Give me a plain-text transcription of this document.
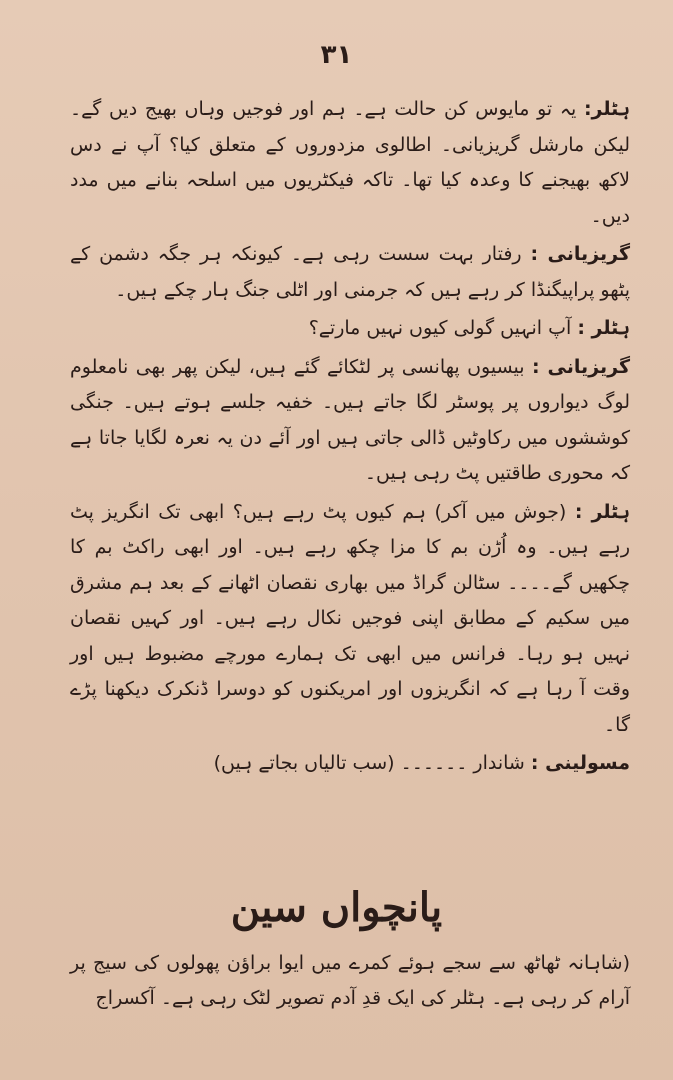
۳۱

ہٹلر: یہ تو مایوس کن حالت ہے۔ ہم اور فوجیں وہاں بھیج دیں گے۔ لیکن مارشل گریزیانی۔ اطالوی مزدوروں کے متعلق کیا؟ آپ نے دس لاکھ بھیجنے کا وعدہ کیا تھا۔ تاکہ فیکٹریوں میں اسلحہ بنانے میں مدد دیں۔

گریزیانی : رفتار بہت سست رہی ہے۔ کیونکہ ہر جگہ دشمن کے پٹھو پراپیگنڈا کر رہے ہیں کہ جرمنی اور اٹلی جنگ ہار چکے ہیں۔

ہٹلر : آپ انہیں گولی کیوں نہیں مارتے؟

گریزیانی : بیسیوں پھانسی پر لٹکائے گئے ہیں، لیکن پھر بھی نامعلوم لوگ دیواروں پر پوسٹر لگا جاتے ہیں۔ خفیہ جلسے ہوتے ہیں۔ جنگی کوششوں میں رکاوٹیں ڈالی جاتی ہیں اور آئے دن یہ نعرہ لگایا جاتا ہے کہ محوری طاقتیں پٹ رہی ہیں۔

ہٹلر : (جوش میں آکر) ہم کیوں پٹ رہے ہیں؟ ابھی تک انگریز پٹ رہے ہیں۔ وہ اُڑن بم کا مزا چکھ رہے ہیں۔ اور ابھی راکٹ بم کا چکھیں گے۔۔۔۔ سٹالن گراڈ میں بھاری نقصان اٹھانے کے بعد ہم مشرق میں سکیم کے مطابق اپنی فوجیں نکال رہے ہیں۔ اور کہیں نقصان نہیں ہو رہا۔ فرانس میں ابھی تک ہمارے مورچے مضبوط ہیں اور وقت آ رہا ہے کہ انگریزوں اور امریکنوں کو دوسرا ڈنکرک دیکھنا پڑے گا۔

مسولینی : شاندار ۔۔۔۔۔۔ (سب تالیاں بجاتے ہیں)

پانچواں سین
(شاہانہ ٹھاٹھ سے سجے ہوئے کمرے میں ایوا براؤن پھولوں کی سیج پر آرام کر رہی ہے۔ ہٹلر کی ایک قدِ آدم تصویر لٹک رہی ہے۔ آکسراج
